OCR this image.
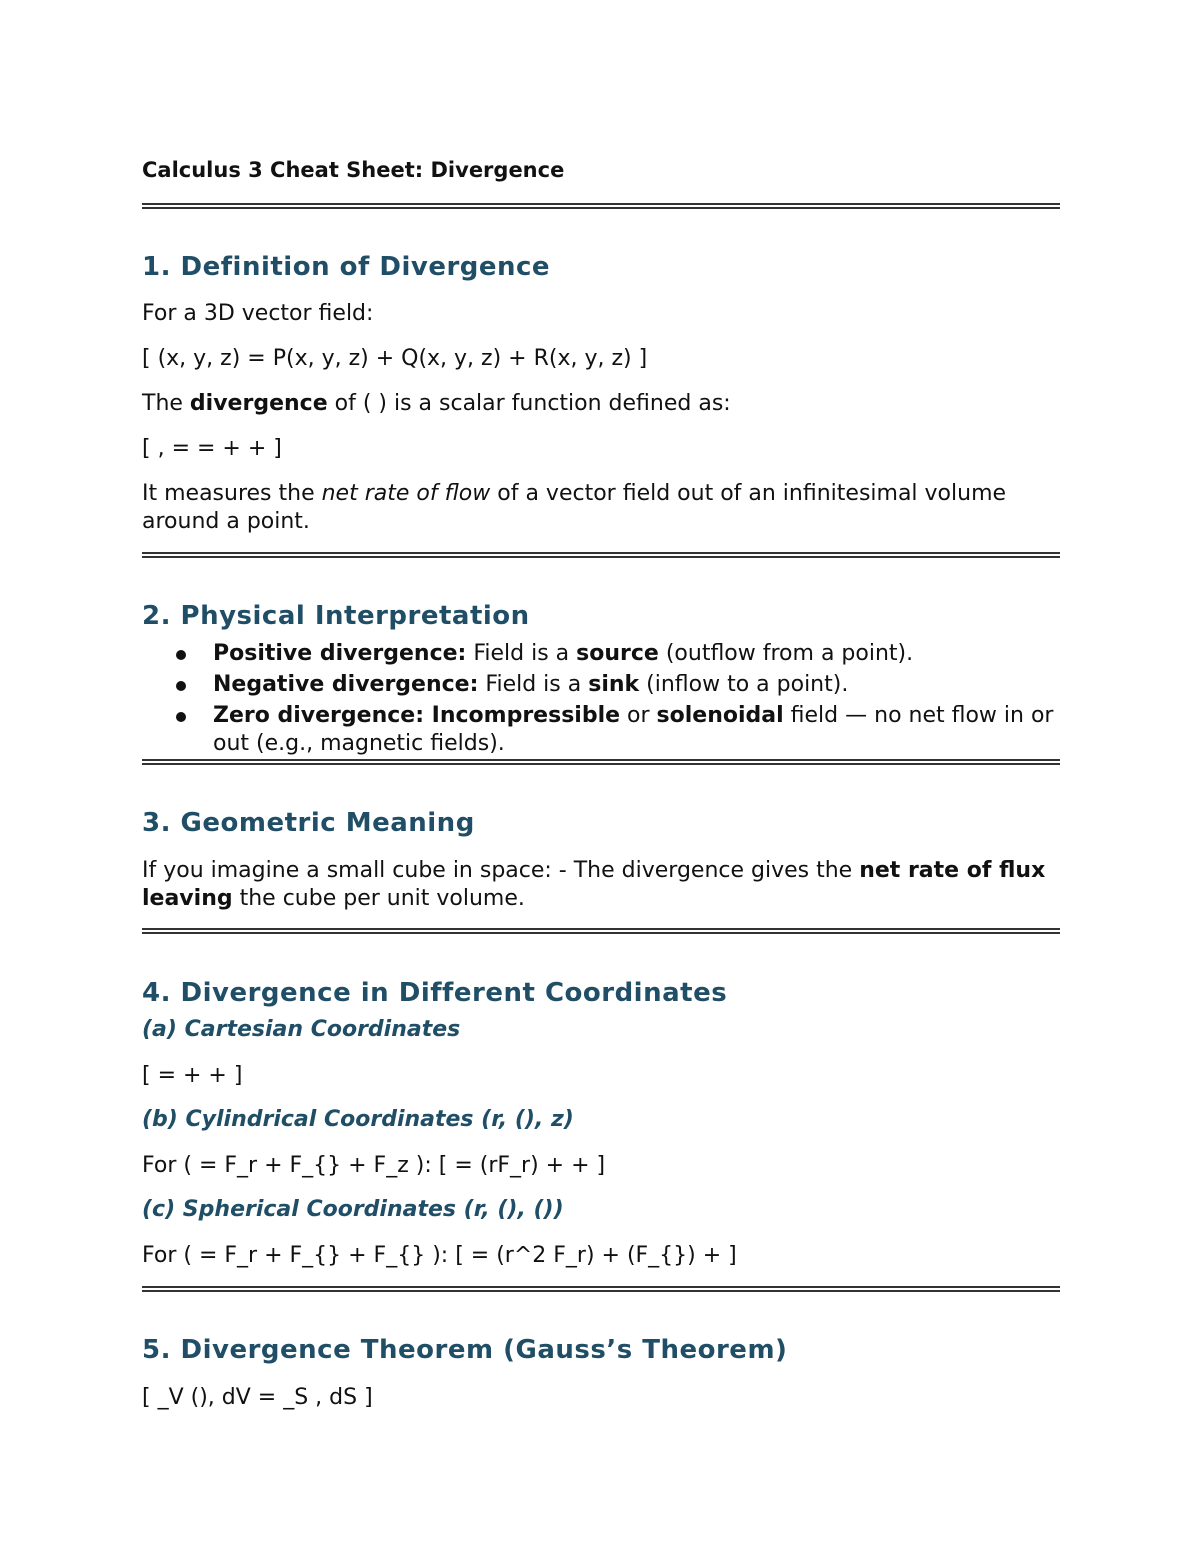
Calculus 3 Cheat Sheet: Divergence
1. Definition of Divergence

For a 3D vector field:

[ (x, y, z) = P(x, y, z) + Q(x, y, z) + R(x, y, z) ]

The divergence of ( ) is a scalar function defined as:

[ , = = + + ]

It measures the net rate of flow of a vector field out of an infinitesimal volume around a point.

2. Physical Interpretation
Positive divergence: Field is a source (outflow from a point).
Negative divergence: Field is a sink (inflow to a point).
Zero divergence: Incompressible or solenoidal field — no net flow in or out (e.g., magnetic fields).
3. Geometric Meaning

If you imagine a small cube in space: - The divergence gives the net rate of flux leaving the cube per unit volume.

4. Divergence in Different Coordinates
(a) Cartesian Coordinates

[ = + + ]

(b) Cylindrical Coordinates (r, (), z)

For ( = F_r + F_{} + F_z ): [ = (rF_r) + + ]

(c) Spherical Coordinates (r, (), ())

For ( = F_r + F_{} + F_{} ): [ = (r^2 F_r) + (F_{}) + ]

5. Divergence Theorem (Gauss’s Theorem)

[ _V (), dV = _S , dS ]
